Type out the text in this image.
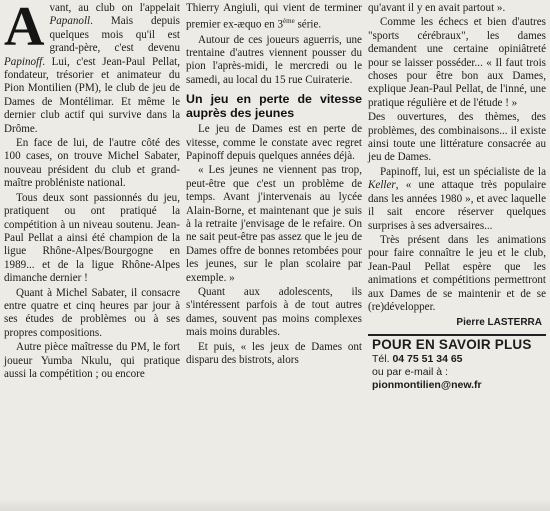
Avant, au club on l'appelait Papanoll. Mais depuis quelques mois qu'il est grand-père, c'est devenu Papinoff. Lui, c'est Jean-Paul Pellat, fondateur, trésorier et animateur du Pion Montilien (PM), le club de jeu de Dames de Montélimar. Et même le dernier club actif qui survive dans la Drôme.

En face de lui, de l'autre côté des 100 cases, on trouve Michel Sabater, nouveau président du club et grand-maître probléniste national.

Tous deux sont passionnés du jeu, pratiquent ou ont pratiqué la compétition à un niveau soutenu. Jean-Paul Pellat a ainsi été champion de la ligue Rhône-Alpes/Bourgogne en 1989... et de la ligue Rhône-Alpes dimanche dernier !

Quant à Michel Sabater, il consacre entre quatre et cinq heures par jour à ses études de problèmes ou à ses propres compositions.

Autre pièce maîtresse du PM, le fort joueur Yumba Nkulu, qui pratique aussi la compétition ; ou encore

Thierry Angiuli, qui vient de terminer premier ex-æquo en 3ème série.

Autour de ces joueurs aguerris, une trentaine d'autres viennent pousser du pion l'après-midi, le mercredi ou le samedi, au local du 15 rue Cuiraterie.

Un jeu en perte de vitesse auprès des jeunes

Le jeu de Dames est en perte de vitesse, comme le constate avec regret Papinoff depuis quelques années déjà.

« Les jeunes ne viennent pas trop, peut-être que c'est un problème de temps. Avant j'intervenais au lycée Alain-Borne, et maintenant que je suis à la retraite j'envisage de le refaire. On ne sait peut-être pas assez que le jeu de Dames offre de bonnes retombées pour les jeunes, sur le plan scolaire par exemple. »

Quant aux adolescents, ils s'intéressent parfois à de tout autres dames, souvent pas moins complexes mais moins durables.

Et puis, « les jeux de Dames ont disparu des bistrots, alors

qu'avant il y en avait partout ».

Comme les échecs et bien d'autres "sports cérébraux", les dames demandent une certaine opiniâtreté pour se laisser posséder... « Il faut trois choses pour être bon aux Dames, explique Jean-Paul Pellat, de l'inné, une pratique régulière et de l'étude ! »

Des ouvertures, des thèmes, des problèmes, des combinaisons... il existe ainsi toute une littérature consacrée au jeu de Dames.

Papinoff, lui, est un spécialiste de la Keller, « une attaque très populaire dans les années 1980 », et avec laquelle il sait encore réserver quelques surprises à ses adversaires...

Très présent dans les animations pour faire connaître le jeu et le club, Jean-Paul Pellat espère que les animations et compétitions permettront aux Dames de se maintenir et de se (re)développer.

Pierre LASTERRA
POUR EN SAVOIR PLUS
Tél. 04 75 51 34 65
ou par e-mail à :
pionmontilien@new.fr
